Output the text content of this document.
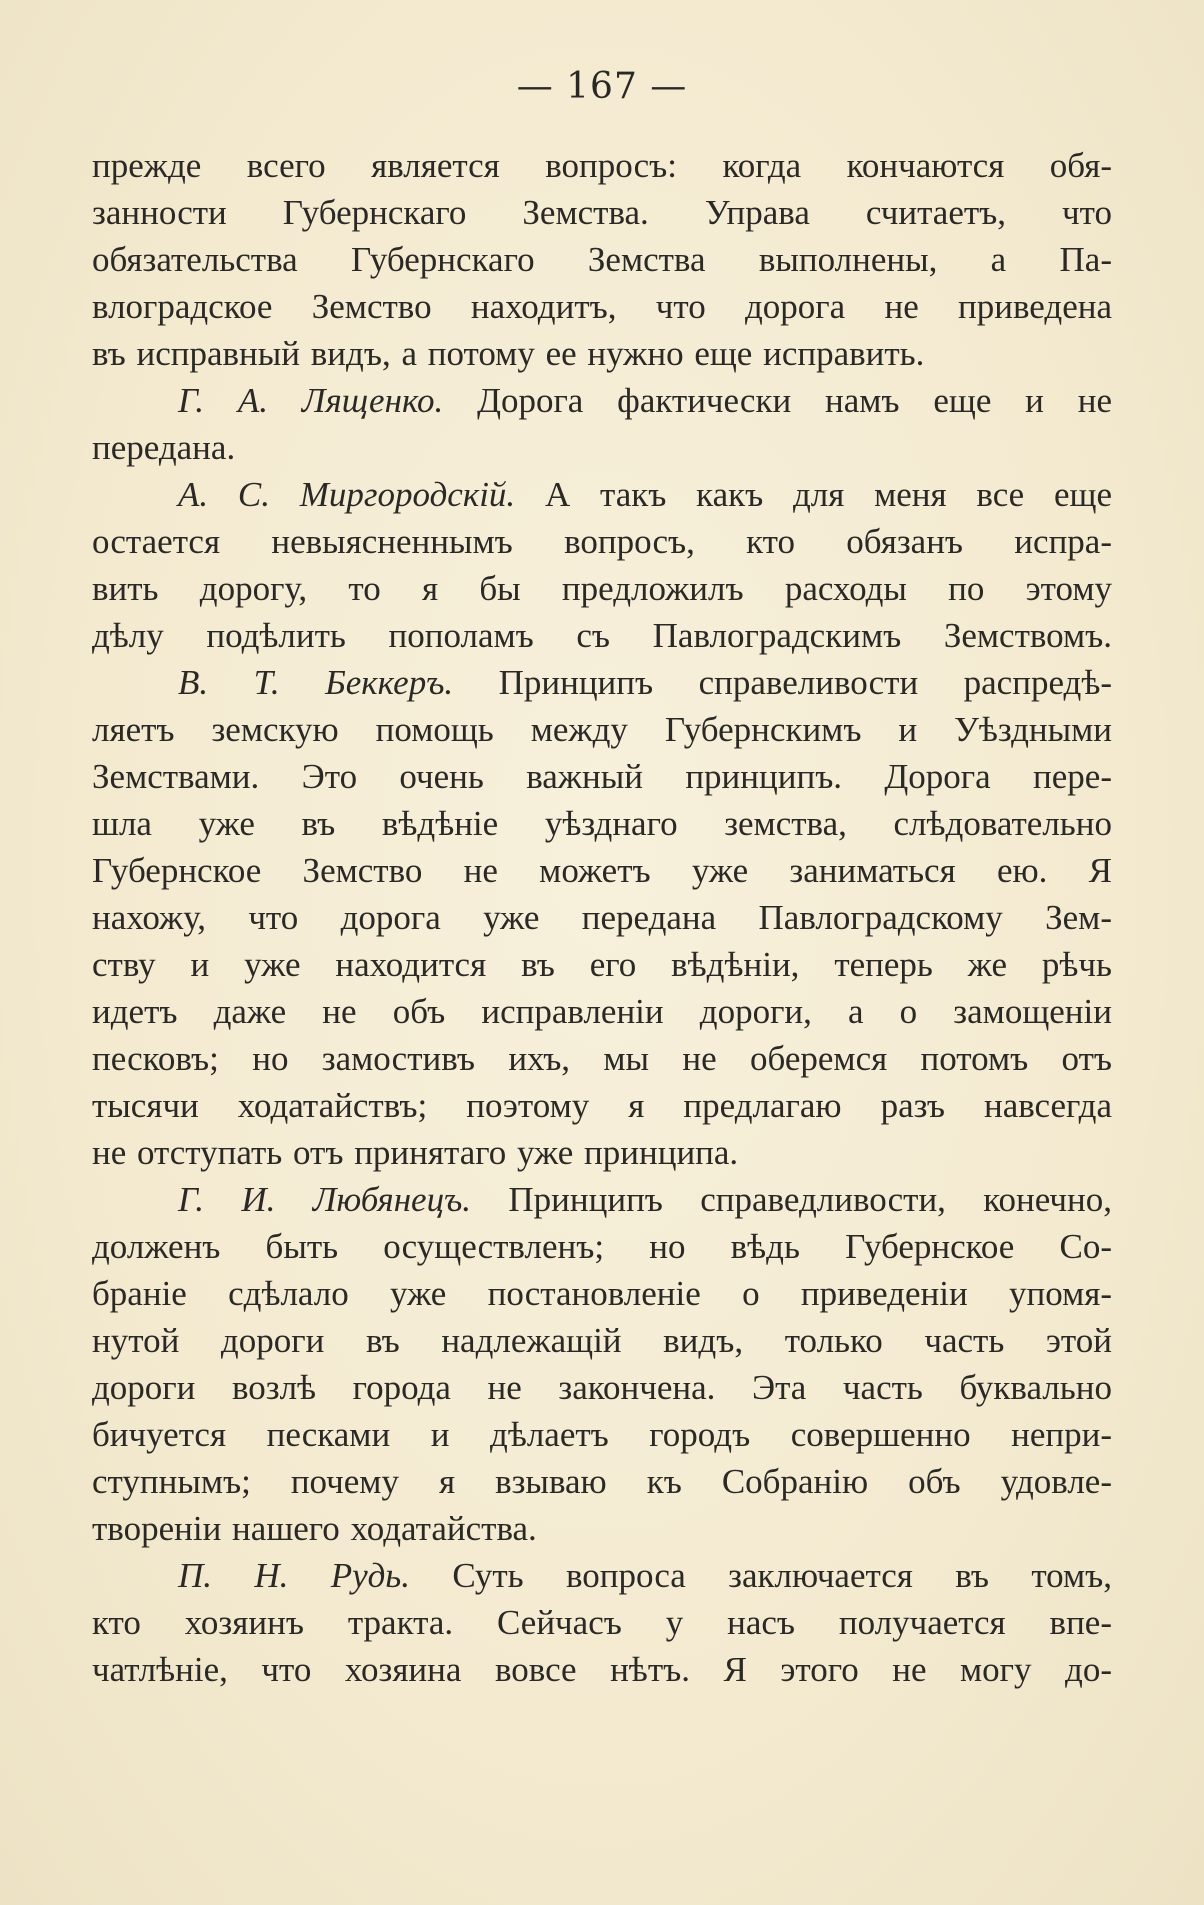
— 167 —
прежде всего является вопросъ: когда кончаются обя-
занности Губернскаго Земства. Управа считаетъ, что
обязательства Губернскаго Земства выполнены, а Па-
влоградское Земство находитъ, что дорога не приведена
въ исправный видъ, а потому ее нужно еще исправить.
Г. А. Лященко. Дорога фактически намъ еще и не
передана.
А. С. Миргородскій. А такъ какъ для меня все еще
остается невыясненнымъ вопросъ, кто обязанъ испра-
вить дорогу, то я бы предложилъ расходы по этому
дѣлу подѣлить пополамъ съ Павлоградскимъ Земствомъ.
В. Т. Беккеръ. Принципъ справеливости распредѣ-
ляетъ земскую помощь между Губернскимъ и Уѣздными
Земствами. Это очень важный принципъ. Дорога пере-
шла уже въ вѣдѣніе уѣзднаго земства, слѣдовательно
Губернское Земство не можетъ уже заниматься ею. Я
нахожу, что дорога уже передана Павлоградскому Зем-
ству и уже находится въ его вѣдѣніи, теперь же рѣчь
идетъ даже не объ исправленіи дороги, а о замощеніи
песковъ; но замостивъ ихъ, мы не оберемся потомъ отъ
тысячи ходатайствъ; поэтому я предлагаю разъ навсегда
не отступать отъ принятаго уже принципа.
Г. И. Любянецъ. Принципъ справедливости, конечно,
долженъ быть осуществленъ; но вѣдь Губернское Со-
браніе сдѣлало уже постановленіе о приведеніи упомя-
нутой дороги въ надлежащій видъ, только часть этой
дороги возлѣ города не закончена. Эта часть буквально
бичуется песками и дѣлаетъ городъ совершенно непри-
ступнымъ; почему я взываю къ Собранію объ удовле-
твореніи нашего ходатайства.
П. Н. Рудь. Суть вопроса заключается въ томъ,
кто хозяинъ тракта. Сейчасъ у насъ получается впе-
чатлѣніе, что хозяина вовсе нѣтъ. Я этого не могу до-
